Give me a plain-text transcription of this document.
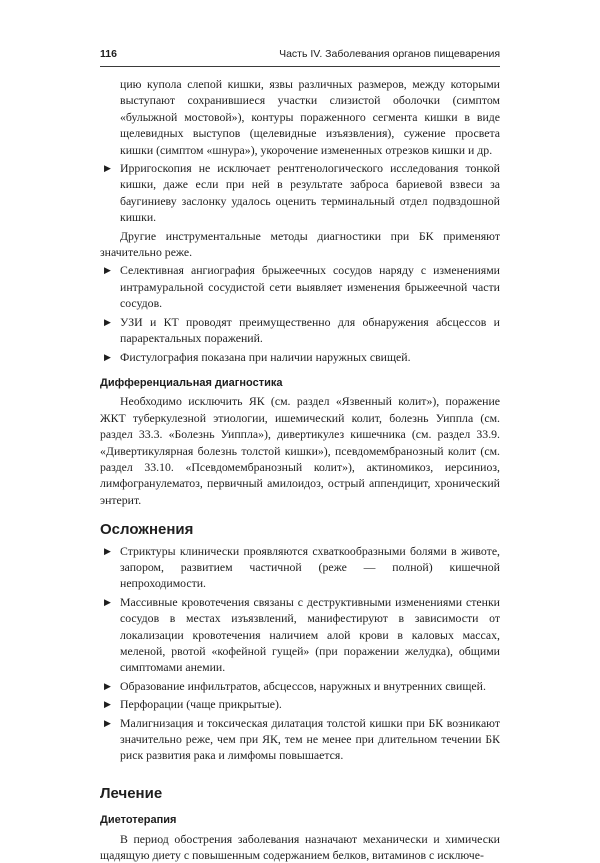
116	Часть IV. Заболевания органов пищеварения

цию купола слепой кишки, язвы различных размеров, между которыми выступают сохранившиеся участки слизистой оболочки (симптом «булыжной мостовой»), контуры пораженного сегмента кишки в виде щелевидных выступов (щелевидные изъязвления), сужение просвета кишки (симптом «шнура»), укорочение измененных отрезков кишки и др.

▶ Ирригоскопия не исключает рентгенологического исследования тонкой кишки, даже если при ней в результате заброса бариевой взвеси за баугиниеву заслонку удалось оценить терминальный отдел подвздошной кишки.

Другие инструментальные методы диагностики при БК применяют значительно реже.

▶ Селективная ангиография брыжеечных сосудов наряду с изменениями интрамуральной сосудистой сети выявляет изменения брыжеечной части сосудов.
▶ УЗИ и КТ проводят преимущественно для обнаружения абсцессов и параректальных поражений.
▶ Фистулография показана при наличии наружных свищей.
Дифференциальная диагностика

Необходимо исключить ЯК (см. раздел «Язвенный колит»), поражение ЖКТ туберкулезной этиологии, ишемический колит, болезнь Уиппла (см. раздел 33.3. «Болезнь Уиппла»), дивертикулез кишечника (см. раздел 33.9. «Дивертикулярная болезнь толстой кишки»), псевдомембранозный колит (см. раздел 33.10. «Псевдомембранозный колит»), актиномикоз, иерсиниоз, лимфогранулематоз, первичный амилоидоз, острый аппендицит, хронический энтерит.

Осложнения
▶ Стриктуры клинически проявляются схваткообразными болями в животе, запором, развитием частичной (реже — полной) кишечной непроходимости.
▶ Массивные кровотечения связаны с деструктивными изменениями стенки сосудов в местах изъязвлений, манифестируют в зависимости от локализации кровотечения наличием алой крови в каловых массах, меленой, рвотой «кофейной гущей» (при поражении желудка), общими симптомами анемии.
▶ Образование инфильтратов, абсцессов, наружных и внутренних свищей.
▶ Перфорации (чаще прикрытые).
▶ Малигнизация и токсическая дилатация толстой кишки при БК возникают значительно реже, чем при ЯК, тем не менее при длительном течении БК риск развития рака и лимфомы повышается.
Лечение
Диетотерапия

В период обострения заболевания назначают механически и химически щадящую диету с повышенным содержанием белков, витаминов с исключе-
